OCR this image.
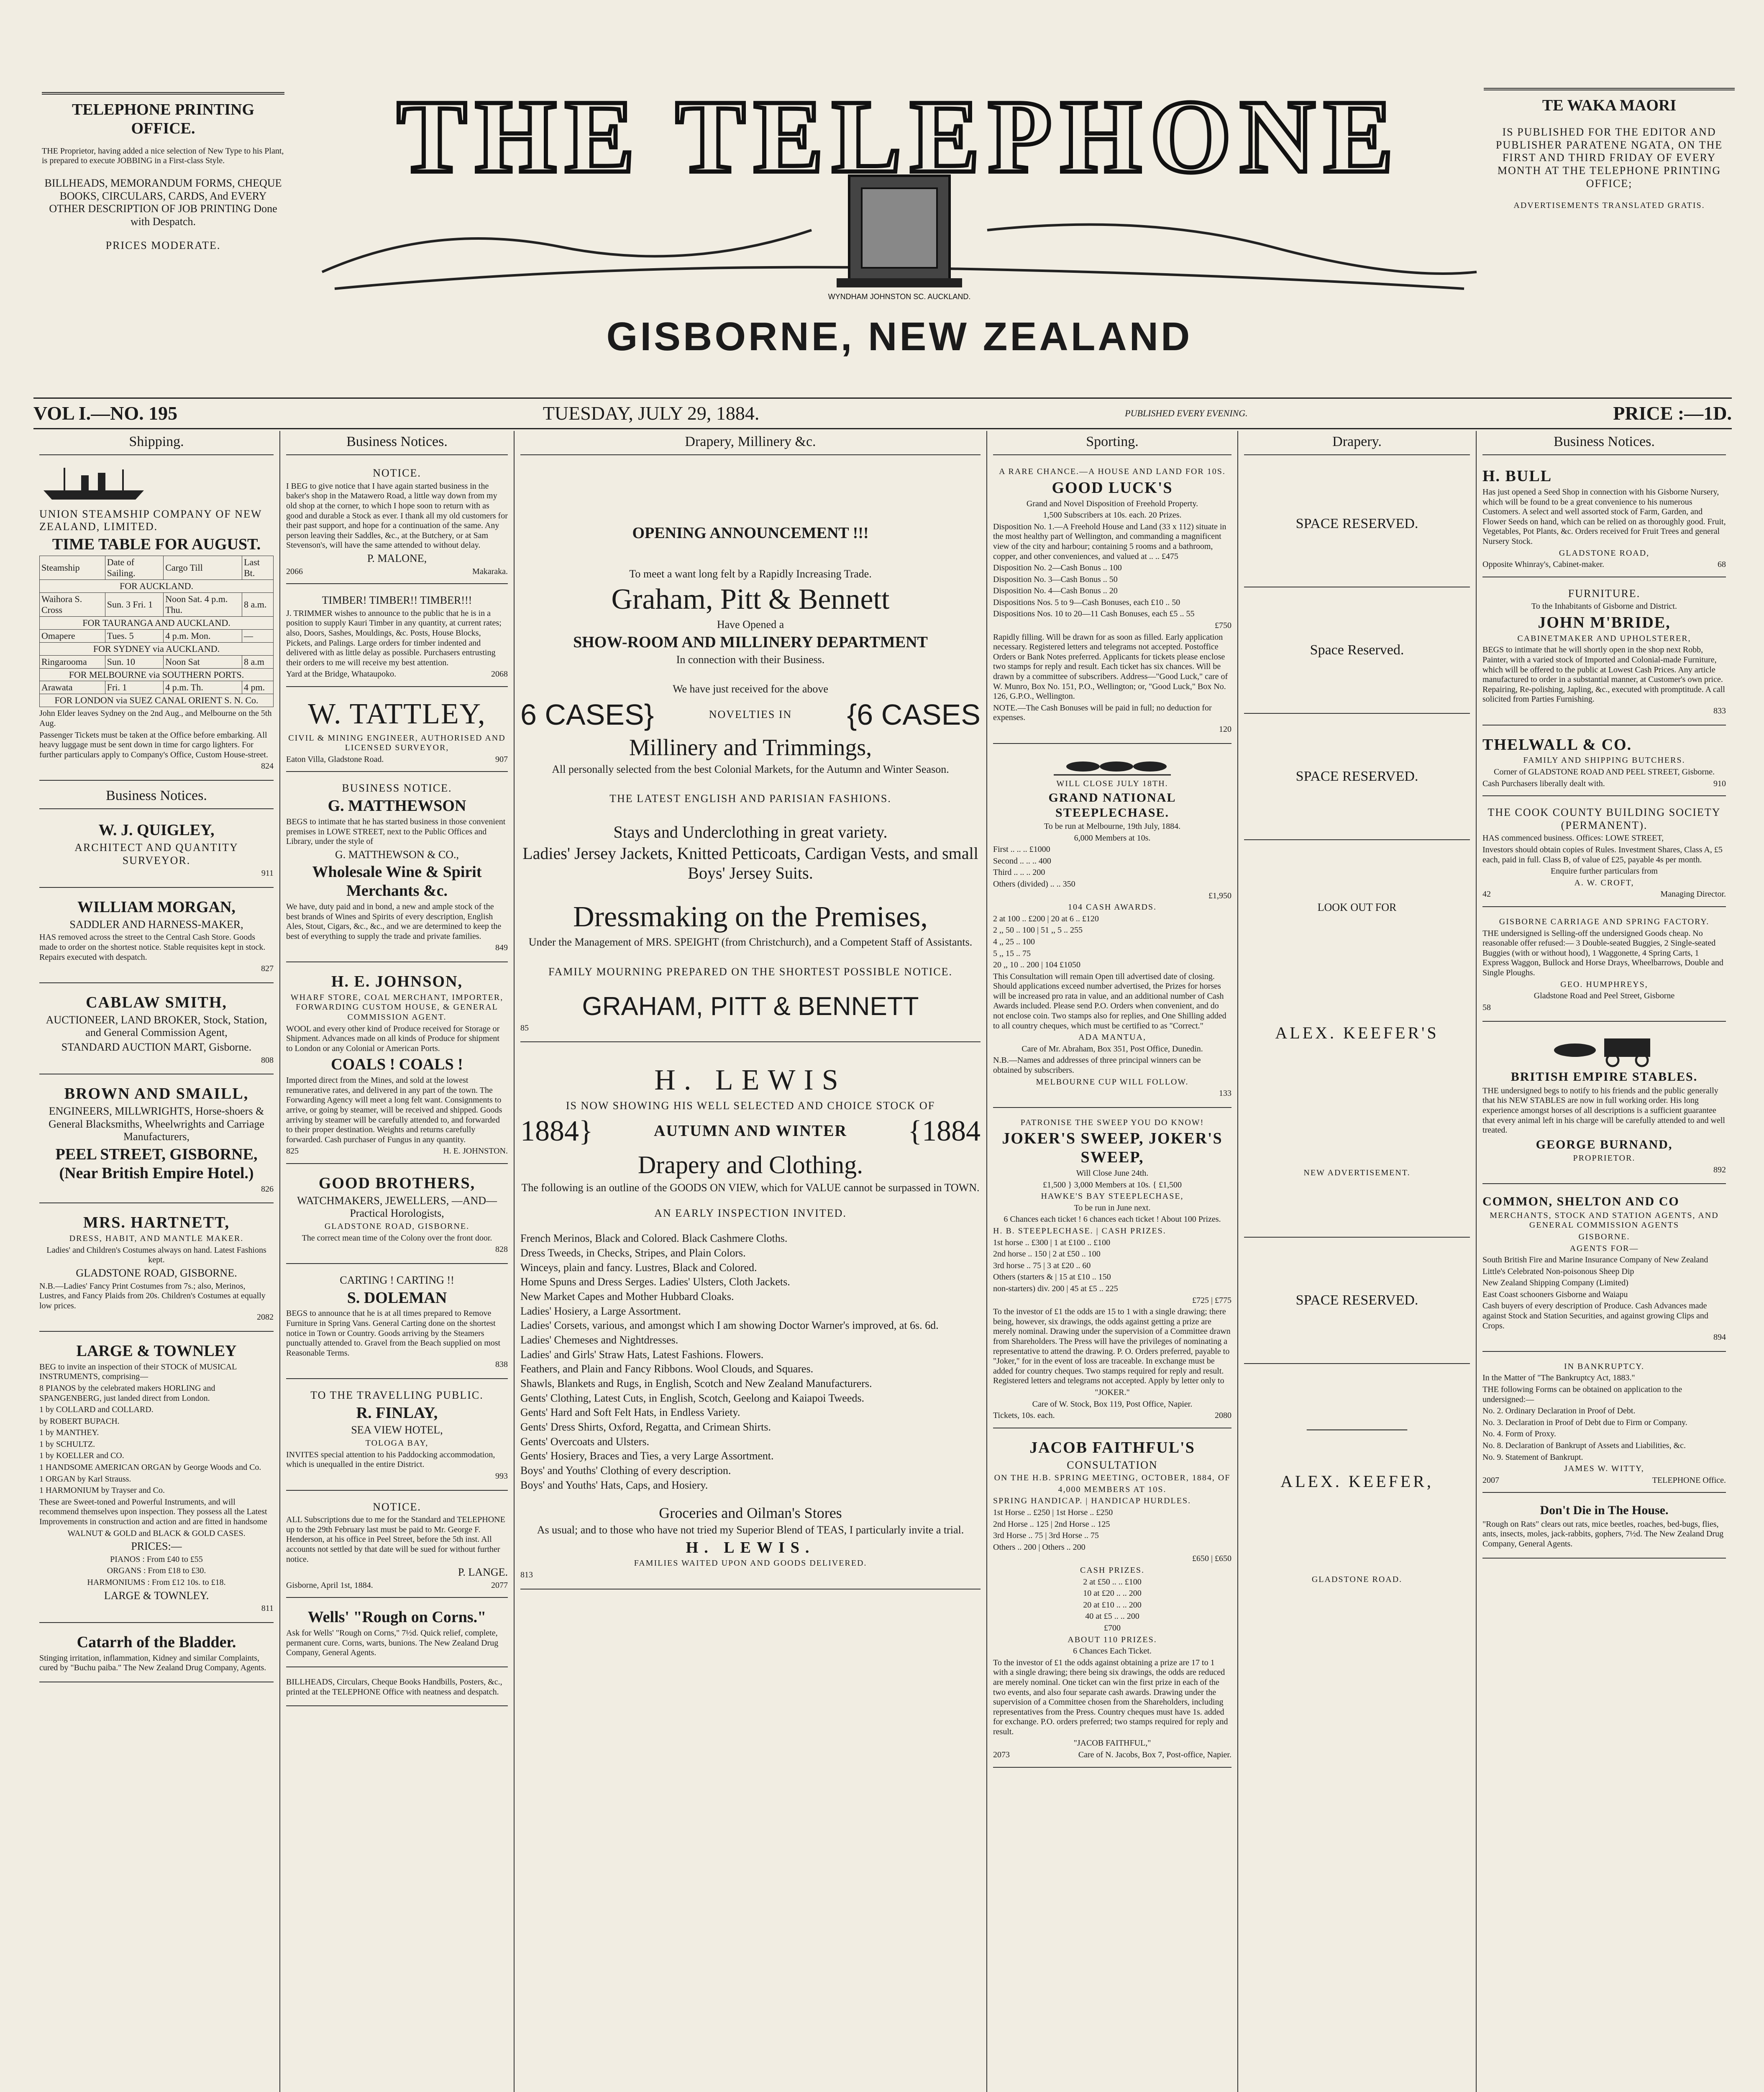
TELEPHONE PRINTING OFFICE.

THE Proprietor, having added a nice selection of New Type to his Plant, is prepared to execute JOBBING in a First-class Style.

BILLHEADS, MEMORANDUM FORMS, CHEQUE BOOKS, CIRCULARS, CARDS, And EVERY OTHER DESCRIPTION OF JOB PRINTING Done with Despatch.

PRICES MODERATE.

THE TELEPHONE
WYNDHAM JOHNSTON SC. AUCKLAND.
GISBORNE, NEW ZEALAND
TE WAKA MAORI

IS PUBLISHED FOR THE EDITOR AND PUBLISHER PARATENE NGATA, ON THE FIRST AND THIRD FRIDAY OF EVERY MONTH AT THE TELEPHONE PRINTING OFFICE;

ADVERTISEMENTS TRANSLATED GRATIS.

VOL I.—NO. 195	TUESDAY, JULY 29, 1884.	PUBLISHED EVERY EVENING.	PRICE :—1D.
Shipping.

UNION STEAMSHIP COMPANY OF NEW ZEALAND, LIMITED.

TIME TABLE FOR AUGUST.

Steamship	Date of Sailing.	Cargo Till	Last Bt.
FOR AUCKLAND.			
Waihora S. Cross	Sun. 3 Fri. 1	Noon Sat. 4 p.m. Thu.	8 a.m.
FOR TAURANGA AND AUCKLAND.			
Omapere	Tues. 5	4 p.m. Mon.	—
FOR SYDNEY via AUCKLAND.			
Ringarooma	Sun. 10	Noon Sat	8 a.m
FOR MELBOURNE via SOUTHERN PORTS.			
Arawata	Fri. 1	4 p.m. Th.	4 pm.
FOR LONDON via SUEZ CANAL ORIENT S. N. Co.			

John Elder leaves Sydney on the 2nd Aug., and Melbourne on the 5th Aug.

Passenger Tickets must be taken at the Office before embarking. All heavy luggage must be sent down in time for cargo lighters. For further particulars apply to Company's Office, Custom House-street.

824

Business Notices.

W. J. QUIGLEY,

ARCHITECT AND QUANTITY SURVEYOR.

911

WILLIAM MORGAN,

SADDLER AND HARNESS-MAKER,

HAS removed across the street to the Central Cash Store. Goods made to order on the shortest notice. Stable requisites kept in stock. Repairs executed with despatch.

827

CABLAW SMITH,

AUCTIONEER, LAND BROKER, Stock, Station, and General Commission Agent,

STANDARD AUCTION MART, Gisborne.

808

BROWN AND SMAILL,

ENGINEERS, MILLWRIGHTS, Horse-shoers & General Blacksmiths, Wheelwrights and Carriage Manufacturers,

PEEL STREET, GISBORNE, (Near British Empire Hotel.)

826

MRS. HARTNETT,

DRESS, HABIT, AND MANTLE MAKER.

Ladies' and Children's Costumes always on hand. Latest Fashions kept.

GLADSTONE ROAD, GISBORNE.

N.B.—Ladies' Fancy Print Costumes from 7s.; also, Merinos, Lustres, and Fancy Plaids from 20s. Children's Costumes at equally low prices.

2082

LARGE & TOWNLEY

BEG to invite an inspection of their STOCK of MUSICAL INSTRUMENTS, comprising—

8 PIANOS by the celebrated makers HORLING and SPANGENBERG, just landed direct from London.

1 by COLLARD and COLLARD.

by ROBERT BUPACH.

1 by MANTHEY.

1 by SCHULTZ.

1 by KOELLER and CO.

1 HANDSOME AMERICAN ORGAN by George Woods and Co.

1 ORGAN by Karl Strauss.

1 HARMONIUM by Trayser and Co.

These are Sweet-toned and Powerful Instruments, and will recommend themselves upon inspection. They possess all the Latest Improvements in construction and action and are fitted in handsome

WALNUT & GOLD and BLACK & GOLD CASES.

PRICES:—

PIANOS : From £40 to £55

ORGANS : From £18 to £30.

HARMONIUMS : From £12 10s. to £18.

LARGE & TOWNLEY.

811

Catarrh of the Bladder.

Stinging irritation, inflammation, Kidney and similar Complaints, cured by "Buchu paiba." The New Zealand Drug Company, Agents.

Business Notices.

NOTICE.

I BEG to give notice that I have again started business in the baker's shop in the Matawero Road, a little way down from my old shop at the corner, to which I hope soon to return with as good and durable a Stock as ever. I thank all my old customers for their past support, and hope for a continuation of the same. Any person leaving their Saddles, &c., at the Butchery, or at Sam Stevenson's, will have the same attended to without delay.

P. MALONE,

2066	Makaraka.

TIMBER! TIMBER!! TIMBER!!!

J. TRIMMER wishes to announce to the public that he is in a position to supply Kauri Timber in any quantity, at current rates; also, Doors, Sashes, Mouldings, &c. Posts, House Blocks, Pickets, and Palings. Large orders for timber indented and delivered with as little delay as possible. Purchasers entrusting their orders to me will receive my best attention.

Yard at the Bridge, Whataupoko.	2068

W. TATTLEY,

CIVIL & MINING ENGINEER, AUTHORISED AND LICENSED SURVEYOR,

Eaton Villa, Gladstone Road.	907

BUSINESS NOTICE.

G. MATTHEWSON

BEGS to intimate that he has started business in those convenient premises in LOWE STREET, next to the Public Offices and Library, under the style of

G. MATTHEWSON & CO.,

Wholesale Wine & Spirit Merchants &c.

We have, duty paid and in bond, a new and ample stock of the best brands of Wines and Spirits of every description, English Ales, Stout, Cigars, &c., &c., and we are determined to keep the best of everything to supply the trade and private families.

849

H. E. JOHNSON,

WHARF STORE, COAL MERCHANT, IMPORTER, FORWARDING CUSTOM HOUSE, & GENERAL COMMISSION AGENT.

WOOL and every other kind of Produce received for Storage or Shipment. Advances made on all kinds of Produce for shipment to London or any Colonial or American Ports.

COALS ! COALS !

Imported direct from the Mines, and sold at the lowest remunerative rates, and delivered in any part of the town. The Forwarding Agency will meet a long felt want. Consignments to arrive, or going by steamer, will be received and shipped. Goods arriving by steamer will be carefully attended to, and forwarded to their proper destination. Weights and returns carefully forwarded. Cash purchaser of Fungus in any quantity.

825	H. E. JOHNSTON.

GOOD BROTHERS,

WATCHMAKERS, JEWELLERS, —AND— Practical Horologists,

GLADSTONE ROAD, GISBORNE.

The correct mean time of the Colony over the front door.

828

CARTING ! CARTING !!

S. DOLEMAN

BEGS to announce that he is at all times prepared to Remove Furniture in Spring Vans. General Carting done on the shortest notice in Town or Country. Goods arriving by the Steamers punctually attended to. Gravel from the Beach supplied on most Reasonable Terms.

838

TO THE TRAVELLING PUBLIC.

R. FINLAY,

SEA VIEW HOTEL,

TOLOGA BAY,

INVITES special attention to his Paddocking accommodation, which is unequalled in the entire District.

993

NOTICE.

ALL Subscriptions due to me for the Standard and TELEPHONE up to the 29th February last must be paid to Mr. George F. Henderson, at his office in Peel Street, before the 5th inst. All accounts not settled by that date will be sued for without further notice.

P. LANGE.

Gisborne, April 1st, 1884.	2077

Wells' "Rough on Corns."

Ask for Wells' "Rough on Corns," 7½d. Quick relief, complete, permanent cure. Corns, warts, bunions. The New Zealand Drug Company, General Agents.

BILLHEADS, Circulars, Cheque Books Handbills, Posters, &c., printed at the TELEPHONE Office with neatness and despatch.

Drapery, Millinery &c.

OPENING ANNOUNCEMENT !!!

To meet a want long felt by a Rapidly Increasing Trade.

Graham, Pitt & Bennett

Have Opened a

SHOW-ROOM AND MILLINERY DEPARTMENT

In connection with their Business.

We have just received for the above

6 CASES}	NOVELTIES IN {6 CASES

Millinery and Trimmings,

All personally selected from the best Colonial Markets, for the Autumn and Winter Season.

THE LATEST ENGLISH AND PARISIAN FASHIONS.

Stays and Underclothing in great variety.

Ladies' Jersey Jackets, Knitted Petticoats, Cardigan Vests, and small Boys' Jersey Suits.

Dressmaking on the Premises,

Under the Management of MRS. SPEIGHT (from Christchurch), and a Competent Staff of Assistants.

FAMILY MOURNING PREPARED ON THE SHORTEST POSSIBLE NOTICE.

GRAHAM, PITT & BENNETT

85

H. LEWIS

IS NOW SHOWING HIS WELL SELECTED AND CHOICE STOCK OF

1884}	AUTUMN AND WINTER {1884

Drapery and Clothing.

The following is an outline of the GOODS ON VIEW, which for VALUE cannot be surpassed in TOWN.

AN EARLY INSPECTION INVITED.

French Merinos, Black and Colored. Black Cashmere Cloths.

Dress Tweeds, in Checks, Stripes, and Plain Colors.

Winceys, plain and fancy. Lustres, Black and Colored.

Home Spuns and Dress Serges. Ladies' Ulsters, Cloth Jackets.

New Market Capes and Mother Hubbard Cloaks.

Ladies' Hosiery, a Large Assortment.

Ladies' Corsets, various, and amongst which I am showing Doctor Warner's improved, at 6s. 6d.

Ladies' Chemeses and Nightdresses.

Ladies' and Girls' Straw Hats, Latest Fashions. Flowers.

Feathers, and Plain and Fancy Ribbons. Wool Clouds, and Squares.

Shawls, Blankets and Rugs, in English, Scotch and New Zealand Manufacturers.

Gents' Clothing, Latest Cuts, in English, Scotch, Geelong and Kaiapoi Tweeds.

Gents' Hard and Soft Felt Hats, in Endless Variety.

Gents' Dress Shirts, Oxford, Regatta, and Crimean Shirts.

Gents' Overcoats and Ulsters.

Gents' Hosiery, Braces and Ties, a very Large Assortment.

Boys' and Youths' Clothing of every description.

Boys' and Youths' Hats, Caps, and Hosiery.

Groceries and Oilman's Stores

As usual; and to those who have not tried my Superior Blend of TEAS, I particularly invite a trial.

H. LEWIS.

FAMILIES WAITED UPON AND GOODS DELIVERED.

813

Sporting.

A RARE CHANCE.—A HOUSE AND LAND FOR 10S.

GOOD LUCK'S

Grand and Novel Disposition of Freehold Property.

1,500 Subscribers at 10s. each. 20 Prizes.

Disposition No. 1.—A Freehold House and Land (33 x 112) situate in the most healthy part of Wellington, and commanding a magnificent view of the city and harbour; containing 5 rooms and a bathroom, copper, and other conveniences, and valued at .. .. £475

Disposition No. 2—Cash Bonus .. 100

Disposition No. 3—Cash Bonus .. 50

Disposition No. 4—Cash Bonus .. 20

Dispositions Nos. 5 to 9—Cash Bonuses, each £10 .. 50

Dispositions Nos. 10 to 20—11 Cash Bonuses, each £5 .. 55

£750

Rapidly filling. Will be drawn for as soon as filled. Early application necessary. Registered letters and telegrams not accepted. Postoffice Orders or Bank Notes preferred. Applicants for tickets please enclose two stamps for reply and result. Each ticket has six chances. Will be drawn by a committee of subscribers. Address—"Good Luck," care of W. Munro, Box No. 151, P.O., Wellington; or, "Good Luck," Box No. 126, G.P.O., Wellington.

NOTE.—The Cash Bonuses will be paid in full; no deduction for expenses.

120

WILL CLOSE JULY 18TH.

GRAND NATIONAL STEEPLECHASE.

To be run at Melbourne, 19th July, 1884.

6,000 Members at 10s.

First .. .. .. £1000

Second .. .. .. 400

Third .. .. .. 200

Others (divided) .. .. 350

£1,950

104 CASH AWARDS.

2 at 100 .. £200 | 20 at 6 .. £120

2 ,, 50 .. 100 | 51 ,, 5 .. 255

4 ,, 25 .. 100

5 ,, 15 .. 75

20 ,, 10 .. 200 | 104 £1050

This Consultation will remain Open till advertised date of closing. Should applications exceed number advertised, the Prizes for horses will be increased pro rata in value, and an additional number of Cash Awards included. Please send P.O. Orders when convenient, and do not enclose coin. Two stamps also for replies, and One Shilling added to all country cheques, which must be certified to as "Correct."

ADA MANTUA,

Care of Mr. Abraham, Box 351, Post Office, Dunedin.

N.B.—Names and addresses of three principal winners can be obtained by subscribers.

MELBOURNE CUP WILL FOLLOW.

133

PATRONISE THE SWEEP YOU DO KNOW!

JOKER'S SWEEP, JOKER'S SWEEP,

Will Close June 24th.

£1,500 } 3,000 Members at 10s. { £1,500

HAWKE'S BAY STEEPLECHASE,

To be run in June next.

6 Chances each ticket ! 6 chances each ticket ! About 100 Prizes.

H. B. STEEPLECHASE. | CASH PRIZES.

1st horse .. £300 | 1 at £100 .. £100

2nd horse .. 150 | 2 at £50 .. 100

3rd horse .. 75 | 3 at £20 .. 60

Others (starters & | 15 at £10 .. 150

non-starters) div. 200 | 45 at £5 .. 225

£725 | £775

To the investor of £1 the odds are 15 to 1 with a single drawing; there being, however, six drawings, the odds against getting a prize are merely nominal. Drawing under the supervision of a Committee drawn from Shareholders. The Press will have the privileges of nominating a representative to attend the drawing. P. O. Orders preferred, payable to "Joker," for in the event of loss are traceable. In exchange must be added for country cheques. Two stamps required for reply and result. Registered letters and telegrams not accepted. Apply by letter only to

"JOKER."

Care of W. Stock, Box 119, Post Office, Napier.

Tickets, 10s. each.	2080

JACOB FAITHFUL'S

CONSULTATION

ON THE H.B. SPRING MEETING, OCTOBER, 1884, OF

4,000 MEMBERS AT 10S.

SPRING HANDICAP. | HANDICAP HURDLES.

1st Horse .. £250 | 1st Horse .. £250

2nd Horse .. 125 | 2nd Horse .. 125

3rd Horse .. 75 | 3rd Horse .. 75

Others .. 200 | Others .. 200

£650 | £650

CASH PRIZES.

2 at £50 .. .. £100

10 at £20 .. .. 200

20 at £10 .. .. 200

40 at £5 .. .. 200

£700

ABOUT 110 PRIZES.

6 Chances Each Ticket.

To the investor of £1 the odds against obtaining a prize are 17 to 1 with a single drawing; there being six drawings, the odds are reduced are merely nominal. One ticket can win the first prize in each of the two events, and also four separate cash awards. Drawing under the supervision of a Committee chosen from the Shareholders, including representatives from the Press. Country cheques must have 1s. added for exchange. P.O. orders preferred; two stamps required for reply and result.

"JACOB FAITHFUL,"

2073	Care of N. Jacobs, Box 7, Post-office, Napier.
Drapery.
SPACE RESERVED.
Space Reserved.
SPACE RESERVED.

LOOK OUT FOR

ALEX. KEEFER'S

NEW ADVERTISEMENT.

SPACE RESERVED.

——————

ALEX. KEEFER,

GLADSTONE ROAD.

Business Notices.

H. BULL

Has just opened a Seed Shop in connection with his Gisborne Nursery, which will be found to be a great convenience to his numerous Customers. A select and well assorted stock of Farm, Garden, and Flower Seeds on hand, which can be relied on as thoroughly good. Fruit, Vegetables, Pot Plants, &c. Orders received for Fruit Trees and general Nursery Stock.

GLADSTONE ROAD,

Opposite Whinray's, Cabinet-maker.	68

FURNITURE.

To the Inhabitants of Gisborne and District.

JOHN M'BRIDE,

CABINETMAKER AND UPHOLSTERER,

BEGS to intimate that he will shortly open in the shop next Robb, Painter, with a varied stock of Imported and Colonial-made Furniture, which will be offered to the public at Lowest Cash Prices. Any article manufactured to order in a substantial manner, at Customer's own price. Repairing, Re-polishing, Japling, &c., executed with promptitude. A call solicited from Parties Furnishing.

833

THELWALL & CO.

FAMILY AND SHIPPING BUTCHERS.

Corner of GLADSTONE ROAD AND PEEL STREET, Gisborne.

Cash Purchasers liberally dealt with.	910

THE COOK COUNTY BUILDING SOCIETY (PERMANENT).

HAS commenced business. Offices: LOWE STREET,

Investors should obtain copies of Rules. Investment Shares, Class A, £5 each, paid in full. Class B, of value of £25, payable 4s per month.

Enquire further particulars from

A. W. CROFT,

42	Managing Director.

GISBORNE CARRIAGE AND SPRING FACTORY.

THE undersigned is Selling-off the undersigned Goods cheap. No reasonable offer refused:— 3 Double-seated Buggies, 2 Single-seated Buggies (with or without hood), 1 Waggonette, 4 Spring Carts, 1 Express Waggon, Bullock and Horse Drays, Wheelbarrows, Double and Single Ploughs.

GEO. HUMPHREYS,

Gladstone Road and Peel Street, Gisborne

58

BRITISH EMPIRE STABLES.

THE undersigned begs to notify to his friends and the public generally that his NEW STABLES are now in full working order. His long experience amongst horses of all descriptions is a sufficient guarantee that every animal left in his charge will be carefully attended to and well treated.

GEORGE BURNAND,

PROPRIETOR.

892

COMMON, SHELTON AND CO

MERCHANTS, STOCK AND STATION AGENTS, AND GENERAL COMMISSION AGENTS

GISBORNE.

AGENTS FOR—

South British Fire and Marine Insurance Company of New Zealand

Little's Celebrated Non-poisonous Sheep Dip

New Zealand Shipping Company (Limited)

East Coast schooners Gisborne and Waiapu

Cash buyers of every description of Produce. Cash Advances made against Stock and Station Securities, and against growing Clips and Crops.

894

IN BANKRUPTCY.

In the Matter of "The Bankruptcy Act, 1883."

THE following Forms can be obtained on application to the undersigned:—

No. 2. Ordinary Declaration in Proof of Debt.

No. 3. Declaration in Proof of Debt due to Firm or Company.

No. 4. Form of Proxy.

No. 8. Declaration of Bankrupt of Assets and Liabilities, &c.

No. 9. Statement of Bankrupt.

JAMES W. WITTY,

2007	TELEPHONE Office.

Don't Die in The House.

"Rough on Rats" clears out rats, mice beetles, roaches, bed-bugs, flies, ants, insects, moles, jack-rabbits, gophers, 7½d. The New Zealand Drug Company, General Agents.
